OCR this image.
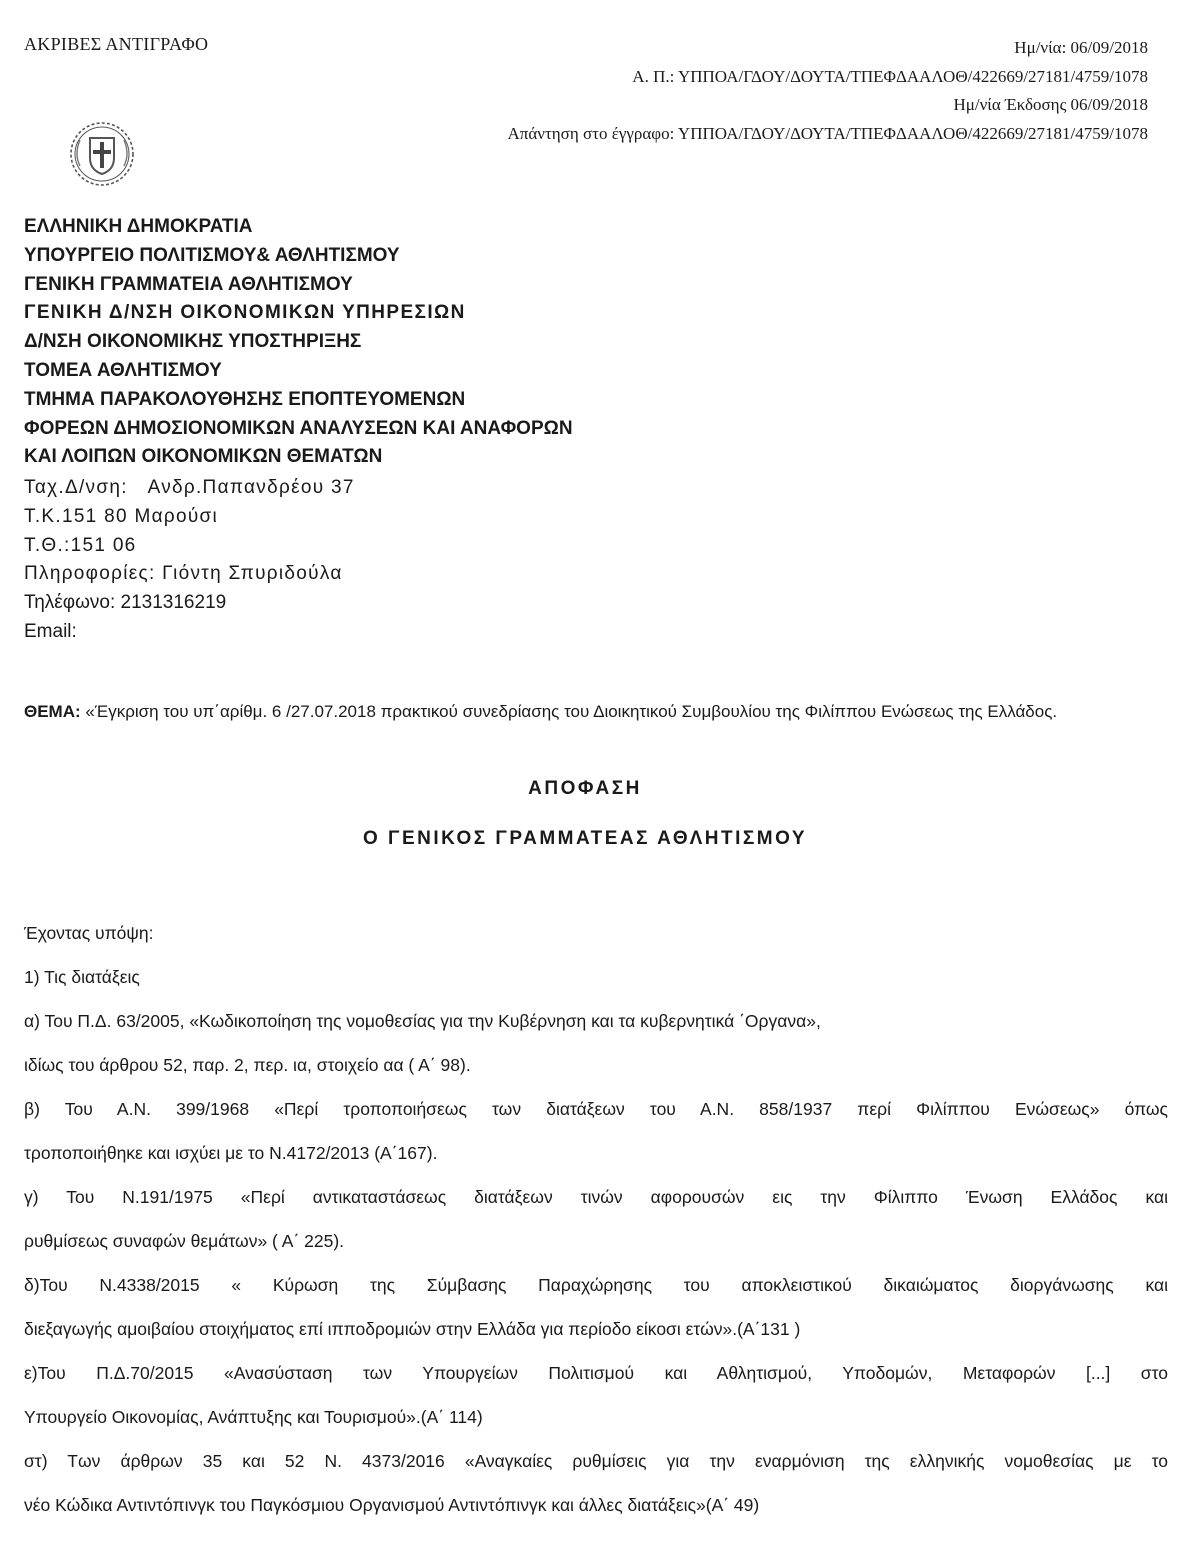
ΑΚΡΙΒΕΣ ΑΝΤΙΓΡΑΦΟ	Ημ/νία: 06/09/2018
Α. Π.: ΥΠΠΟΑ/ΓΔΟΥ/ΔΟΥΤΑ/ΤΠΕΦΔΑΑΛΟΘ/422669/27181/4759/1078
Ημ/νία Έκδοσης 06/09/2018
Απάντηση στο έγγραφο: ΥΠΠΟΑ/ΓΔΟΥ/ΔΟΥΤΑ/ΤΠΕΦΔΑΑΛΟΘ/422669/27181/4759/1078
ΕΛΛΗΝΙΚΗ ΔΗΜΟΚΡΑΤΙΑ
ΥΠΟΥΡΓΕΙΟ ΠΟΛΙΤΙΣΜΟΥ& ΑΘΛΗΤΙΣΜΟΥ
ΓΕΝΙΚΗ ΓΡΑΜΜΑΤΕΙΑ ΑΘΛΗΤΙΣΜΟΥ
ΓΕΝΙΚΗ Δ/ΝΣΗ ΟΙΚΟΝΟΜΙΚΩΝ ΥΠΗΡΕΣΙΩΝ
Δ/ΝΣΗ ΟΙΚΟΝΟΜΙΚΗΣ ΥΠΟΣΤΗΡΙΞΗΣ
ΤΟΜΕΑ ΑΘΛΗΤΙΣΜΟΥ
ΤΜΗΜΑ ΠΑΡΑΚΟΛΟΥΘΗΣΗΣ ΕΠΟΠΤΕΥΟΜΕΝΩΝ
ΦΟΡΕΩΝ ΔΗΜΟΣΙΟΝΟΜΙΚΩΝ ΑΝΑΛΥΣΕΩΝ ΚΑΙ ΑΝΑΦΟΡΩΝ
ΚΑΙ ΛΟΙΠΩΝ ΟΙΚΟΝΟΜΙΚΩΝ ΘΕΜΑΤΩΝ
Ταχ.Δ/νση: Ανδρ.Παπανδρέου 37
Τ.Κ.151 80 Μαρούσι
Τ.Θ.:151 06
Πληροφορίες: Γιόντη Σπυριδούλα
Τηλέφωνο: 2131316219
Email:
ΘΕΜΑ: «Έγκριση του υπ΄αρίθμ. 6 /27.07.2018 πρακτικού συνεδρίασης του Διοικητικού Συμβουλίου της Φιλίππου Ενώσεως της Ελλάδος.
ΑΠΟΦΑΣΗ
Ο ΓΕΝΙΚΟΣ ΓΡΑΜΜΑΤΕΑΣ ΑΘΛΗΤΙΣΜΟΥ
Έχοντας υπόψη:
1) Τις διατάξεις
α) Του Π.Δ. 63/2005, «Κωδικοποίηση της νομοθεσίας για την Κυβέρνηση και τα κυβερνητικά ΄Οργανα»,
ιδίως του άρθρου 52, παρ. 2, περ. ια, στοιχείο αα ( Α΄ 98).
β) Του Α.Ν. 399/1968 «Περί τροποποιήσεως των διατάξεων του Α.Ν. 858/1937 περί Φιλίππου Ενώσεως» όπως
τροποποιήθηκε και ισχύει με το Ν.4172/2013 (Α΄167).
γ) Του Ν.191/1975 «Περί αντικαταστάσεως διατάξεων τινών αφορουσών εις την Φίλιππο Ένωση Ελλάδος και
ρυθμίσεως συναφών θεμάτων» ( Α΄ 225).
δ)Του Ν.4338/2015 « Κύρωση της Σύμβασης Παραχώρησης του αποκλειστικού δικαιώματος διοργάνωσης και
διεξαγωγής αμοιβαίου στοιχήματος επί ιπποδρομιών στην Ελλάδα για περίοδο είκοσι ετών».(Α΄131 )
ε)Του Π.Δ.70/2015 «Ανασύσταση των Υπουργείων Πολιτισμού και Αθλητισμού, Υποδομών, Μεταφορών [...] στο
Υπουργείο Οικονομίας, Ανάπτυξης και Τουρισμού».(Α΄ 114)
στ) Των άρθρων 35 και 52 Ν. 4373/2016 «Αναγκαίες ρυθμίσεις για την εναρμόνιση της ελληνικής νομοθεσίας με το
νέο Κώδικα Αντιντόπινγκ του Παγκόσμιου Οργανισμού Αντιντόπινγκ και άλλες διατάξεις»(Α΄ 49)
